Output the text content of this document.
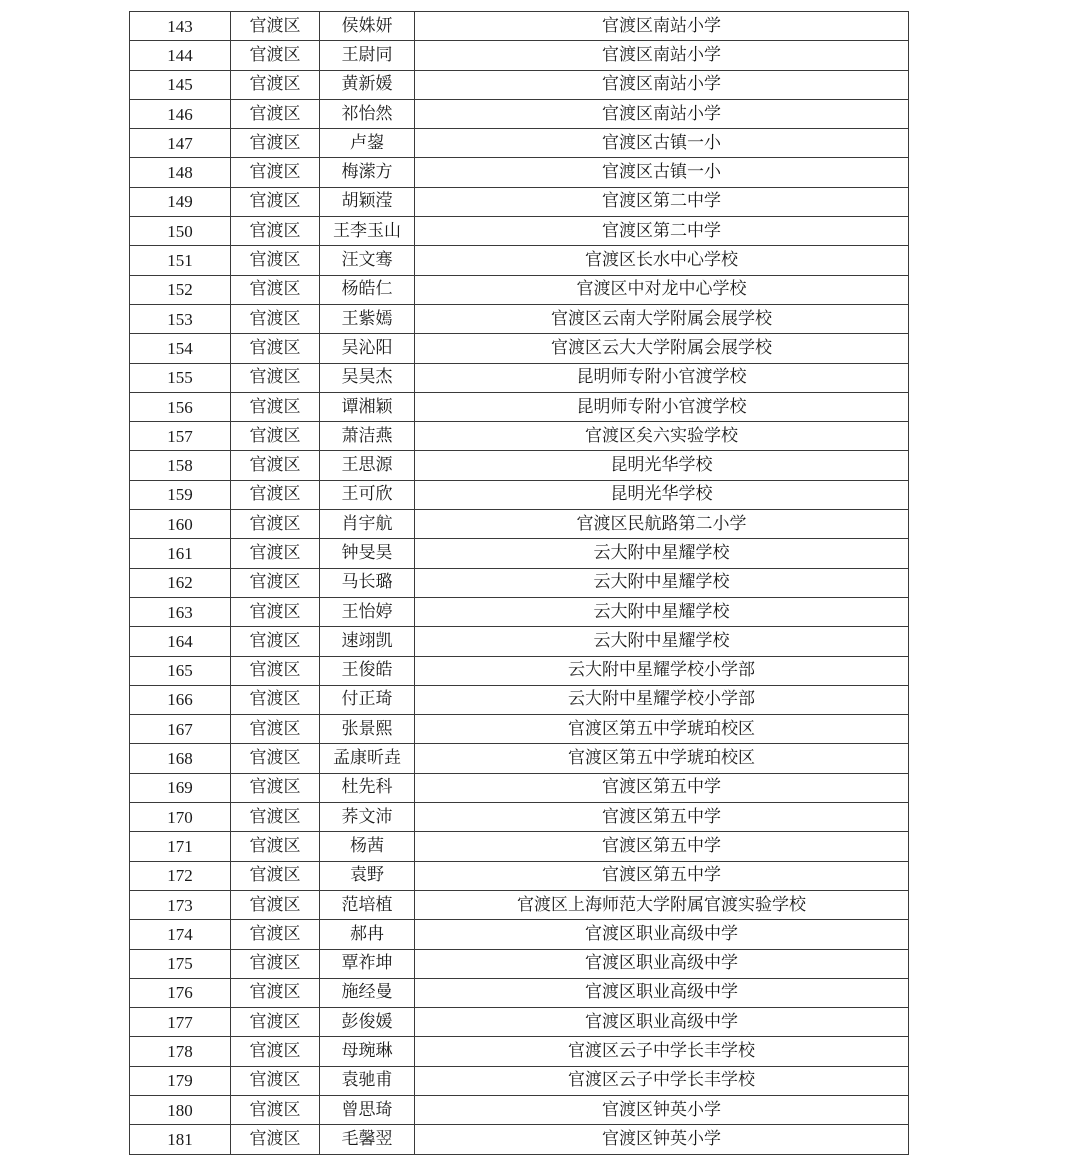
143	官渡区	侯姝妍	官渡区南站小学
144	官渡区	王尉同	官渡区南站小学
145	官渡区	黄新媛	官渡区南站小学
146	官渡区	祁怡然	官渡区南站小学
147	官渡区	卢鋆	官渡区古镇一小
148	官渡区	梅潆方	官渡区古镇一小
149	官渡区	胡颖滢	官渡区第二中学
150	官渡区	王李玉山	官渡区第二中学
151	官渡区	汪文骞	官渡区长水中心学校
152	官渡区	杨皓仁	官渡区中对龙中心学校
153	官渡区	王紫嫣	官渡区云南大学附属会展学校
154	官渡区	吴沁阳	官渡区云大大学附属会展学校
155	官渡区	吴昊杰	昆明师专附小官渡学校
156	官渡区	谭湘颖	昆明师专附小官渡学校
157	官渡区	萧洁燕	官渡区矣六实验学校
158	官渡区	王思源	昆明光华学校
159	官渡区	王可欣	昆明光华学校
160	官渡区	肖宇航	官渡区民航路第二小学
161	官渡区	钟旻昊	云大附中星耀学校
162	官渡区	马长璐	云大附中星耀学校
163	官渡区	王怡婷	云大附中星耀学校
164	官渡区	速翊凯	云大附中星耀学校
165	官渡区	王俊皓	云大附中星耀学校小学部
166	官渡区	付正琦	云大附中星耀学校小学部
167	官渡区	张景熙	官渡区第五中学琥珀校区
168	官渡区	孟康昕垚	官渡区第五中学琥珀校区
169	官渡区	杜先科	官渡区第五中学
170	官渡区	荞文沛	官渡区第五中学
171	官渡区	杨茜	官渡区第五中学
172	官渡区	袁野	官渡区第五中学
173	官渡区	范培植	官渡区上海师范大学附属官渡实验学校
174	官渡区	郝冉	官渡区职业高级中学
175	官渡区	覃祚坤	官渡区职业高级中学
176	官渡区	施经曼	官渡区职业高级中学
177	官渡区	彭俊媛	官渡区职业高级中学
178	官渡区	母琬琳	官渡区云子中学长丰学校
179	官渡区	袁驰甫	官渡区云子中学长丰学校
180	官渡区	曾思琦	官渡区钟英小学
181	官渡区	毛馨翌	官渡区钟英小学
